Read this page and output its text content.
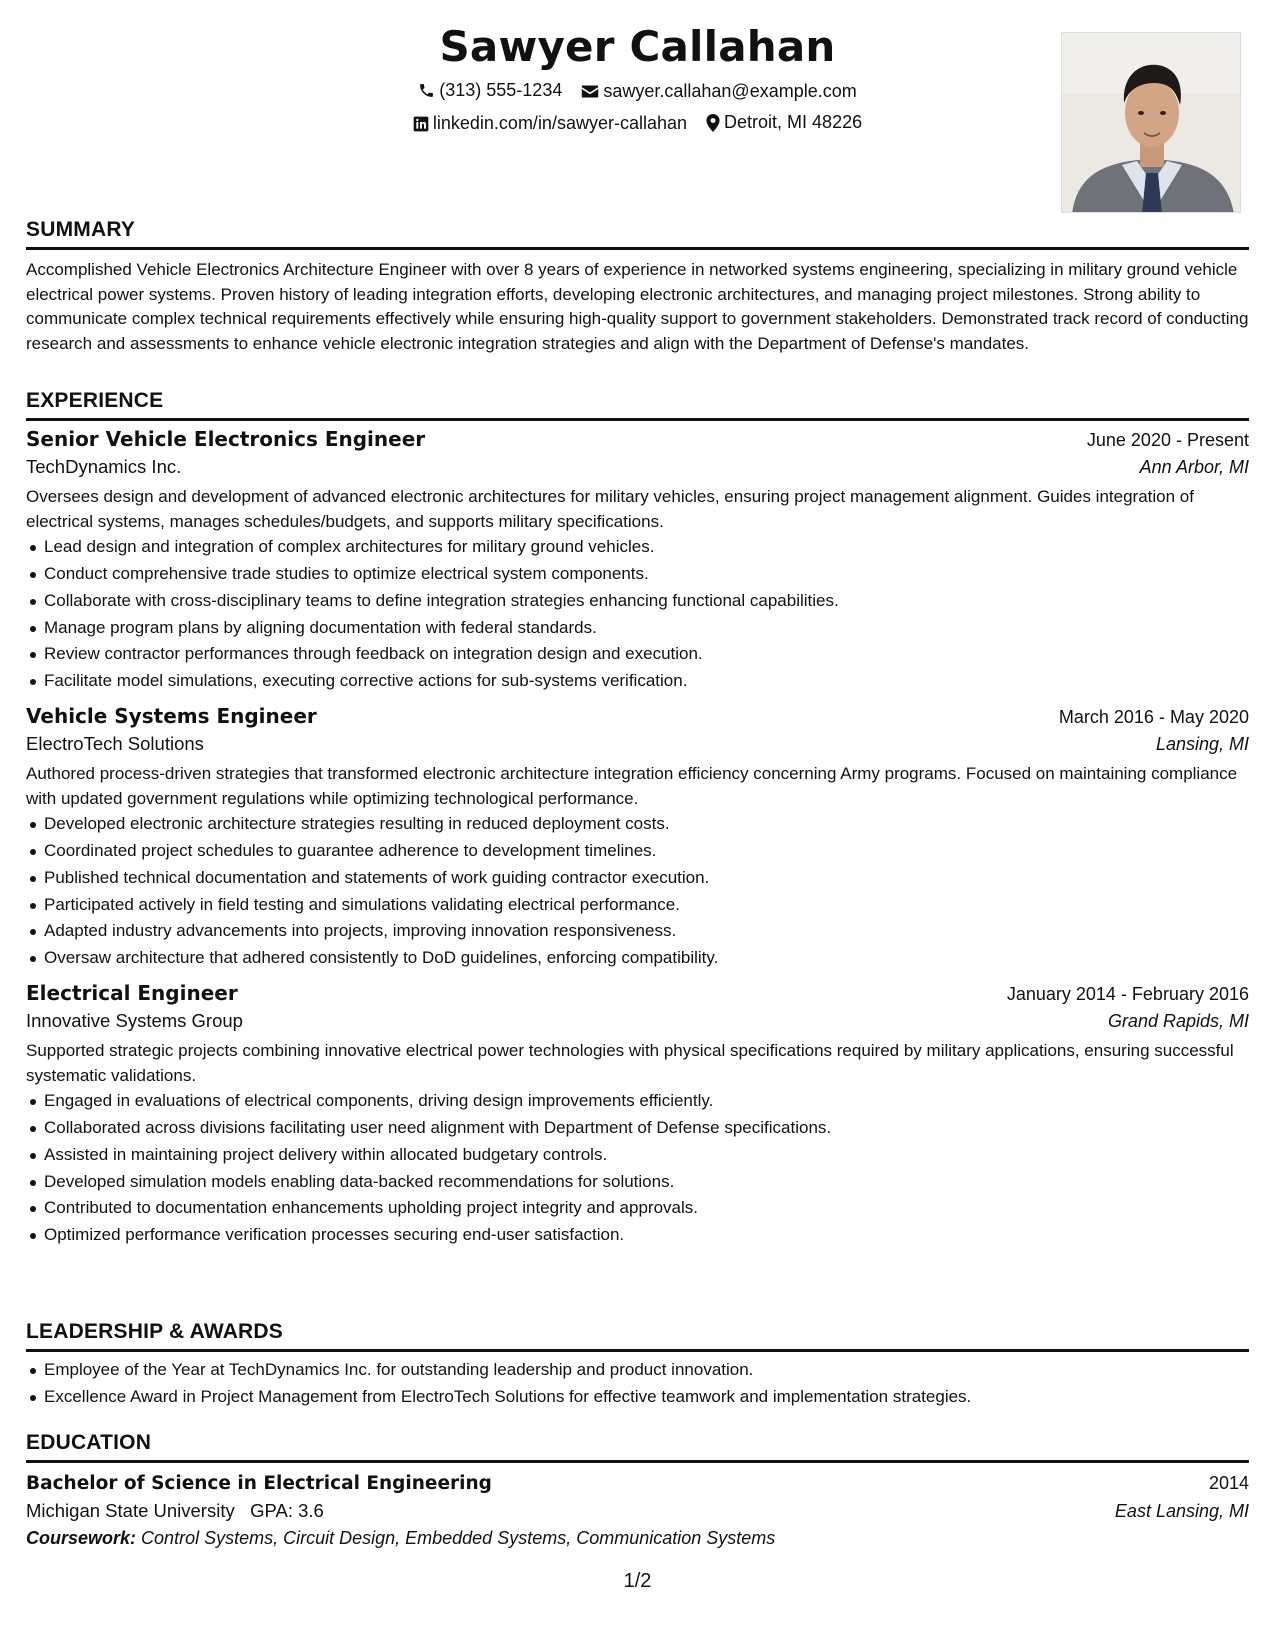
Sawyer Callahan
(313) 555-1234
sawyer.callahan@example.com
linkedin.com/in/sawyer-callahan
Detroit, MI 48226
SUMMARY
Accomplished Vehicle Electronics Architecture Engineer with over 8 years of experience in networked systems engineering, specializing in military ground vehicle electrical power systems. Proven history of leading integration efforts, developing electronic architectures, and managing project milestones. Strong ability to communicate complex technical requirements effectively while ensuring high-quality support to government stakeholders. Demonstrated track record of conducting research and assessments to enhance vehicle electronic integration strategies and align with the Department of Defense's mandates.
EXPERIENCE
Senior Vehicle Electronics Engineer	June 2020 - Present
TechDynamics Inc.	Ann Arbor, MI
Oversees design and development of advanced electronic architectures for military vehicles, ensuring project management alignment. Guides integration of electrical systems, manages schedules/budgets, and supports military specifications.
Lead design and integration of complex architectures for military ground vehicles.
Conduct comprehensive trade studies to optimize electrical system components.
Collaborate with cross-disciplinary teams to define integration strategies enhancing functional capabilities.
Manage program plans by aligning documentation with federal standards.
Review contractor performances through feedback on integration design and execution.
Facilitate model simulations, executing corrective actions for sub-systems verification.
Vehicle Systems Engineer	March 2016 - May 2020
ElectroTech Solutions	Lansing, MI
Authored process-driven strategies that transformed electronic architecture integration efficiency concerning Army programs. Focused on maintaining compliance with updated government regulations while optimizing technological performance.
Developed electronic architecture strategies resulting in reduced deployment costs.
Coordinated project schedules to guarantee adherence to development timelines.
Published technical documentation and statements of work guiding contractor execution.
Participated actively in field testing and simulations validating electrical performance.
Adapted industry advancements into projects, improving innovation responsiveness.
Oversaw architecture that adhered consistently to DoD guidelines, enforcing compatibility.
Electrical Engineer	January 2014 - February 2016
Innovative Systems Group	Grand Rapids, MI
Supported strategic projects combining innovative electrical power technologies with physical specifications required by military applications, ensuring successful systematic validations.
Engaged in evaluations of electrical components, driving design improvements efficiently.
Collaborated across divisions facilitating user need alignment with Department of Defense specifications.
Assisted in maintaining project delivery within allocated budgetary controls.
Developed simulation models enabling data-backed recommendations for solutions.
Contributed to documentation enhancements upholding project integrity and approvals.
Optimized performance verification processes securing end-user satisfaction.
LEADERSHIP & AWARDS
Employee of the Year at TechDynamics Inc. for outstanding leadership and product innovation.
Excellence Award in Project Management from ElectroTech Solutions for effective teamwork and implementation strategies.
EDUCATION
Bachelor of Science in Electrical Engineering	2014
Michigan State University GPA: 3.6	East Lansing, MI
Coursework: Control Systems, Circuit Design, Embedded Systems, Communication Systems
1/2
